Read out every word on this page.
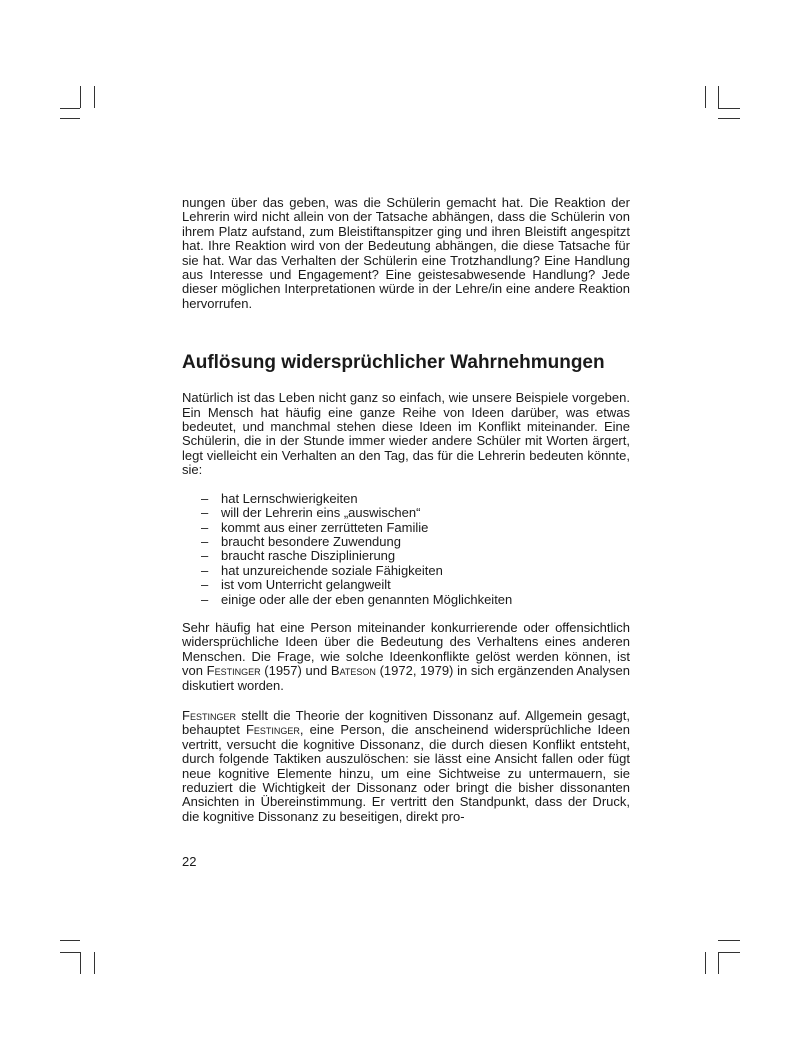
nungen über das geben, was die Schülerin gemacht hat. Die Reaktion der Lehrerin wird nicht allein von der Tatsache abhängen, dass die Schülerin von ihrem Platz aufstand, zum Bleistiftanspitzer ging und ihren Bleistift angespitzt hat. Ihre Reaktion wird von der Bedeutung abhängen, die diese Tatsache für sie hat. War das Verhalten der Schülerin eine Trotzhandlung? Eine Handlung aus Interesse und Engagement? Eine geistesabwesende Handlung? Jede dieser möglichen Interpretationen würde in der Lehre/in eine andere Reaktion hervorrufen.

Auflösung widersprüchlicher Wahrnehmungen

Natürlich ist das Leben nicht ganz so einfach, wie unsere Beispiele vorgeben. Ein Mensch hat häufig eine ganze Reihe von Ideen darüber, was etwas bedeutet, und manchmal stehen diese Ideen im Konflikt miteinander. Eine Schülerin, die in der Stunde immer wieder andere Schüler mit Worten ärgert, legt vielleicht ein Verhalten an den Tag, das für die Lehrerin bedeuten könnte, sie:

– hat Lernschwierigkeiten
– will der Lehrerin eins „auswischen“
– kommt aus einer zerrütteten Familie
– braucht besondere Zuwendung
– braucht rasche Disziplinierung
– hat unzureichende soziale Fähigkeiten
– ist vom Unterricht gelangweilt
– einige oder alle der eben genannten Möglichkeiten

Sehr häufig hat eine Person miteinander konkurrierende oder offensichtlich widersprüchliche Ideen über die Bedeutung des Verhaltens eines anderen Menschen. Die Frage, wie solche Ideenkonflikte gelöst werden können, ist von Festinger (1957) und Bateson (1972, 1979) in sich ergänzenden Analysen diskutiert worden.

Festinger stellt die Theorie der kognitiven Dissonanz auf. Allgemein gesagt, behauptet Festinger, eine Person, die anscheinend widersprüchliche Ideen vertritt, versucht die kognitive Dissonanz, die durch diesen Konflikt entsteht, durch folgende Taktiken auszulöschen: sie lässt eine Ansicht fallen oder fügt neue kognitive Elemente hinzu, um eine Sichtweise zu untermauern, sie reduziert die Wichtigkeit der Dissonanz oder bringt die bisher dissonanten Ansichten in Übereinstimmung. Er vertritt den Standpunkt, dass der Druck, die kognitive Dissonanz zu beseitigen, direkt pro-

22
